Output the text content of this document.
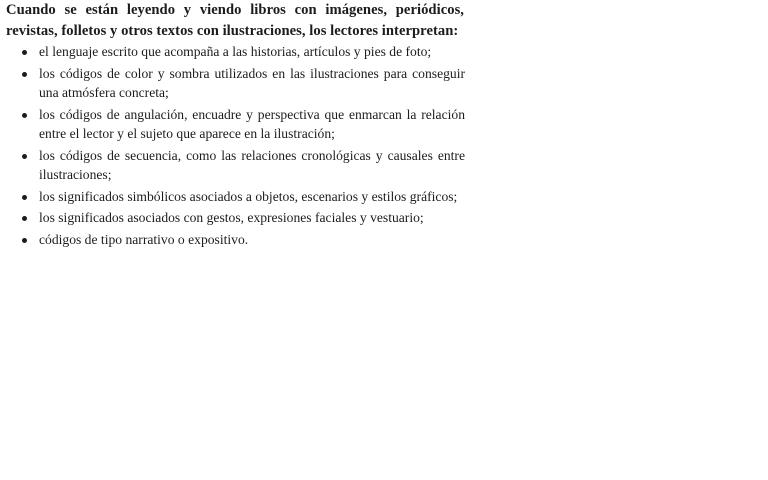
Cuando se están leyendo y viendo libros con imágenes, periódicos, revistas, folletos y otros textos con ilustraciones, los lectores interpretan:

el lenguaje escrito que acompaña a las historias, artículos y pies de foto;
los códigos de color y sombra utilizados en las ilustraciones para conseguir una atmósfera concreta;
los códigos de angulación, encuadre y perspectiva que enmarcan la relación entre el lector y el sujeto que aparece en la ilustración;
los códigos de secuencia, como las relaciones cronológicas y causales entre ilustraciones;
los significados simbólicos asociados a objetos, escenarios y estilos gráficos;
los significados asociados con gestos, expresiones faciales y vestuario;
códigos de tipo narrativo o expositivo.
